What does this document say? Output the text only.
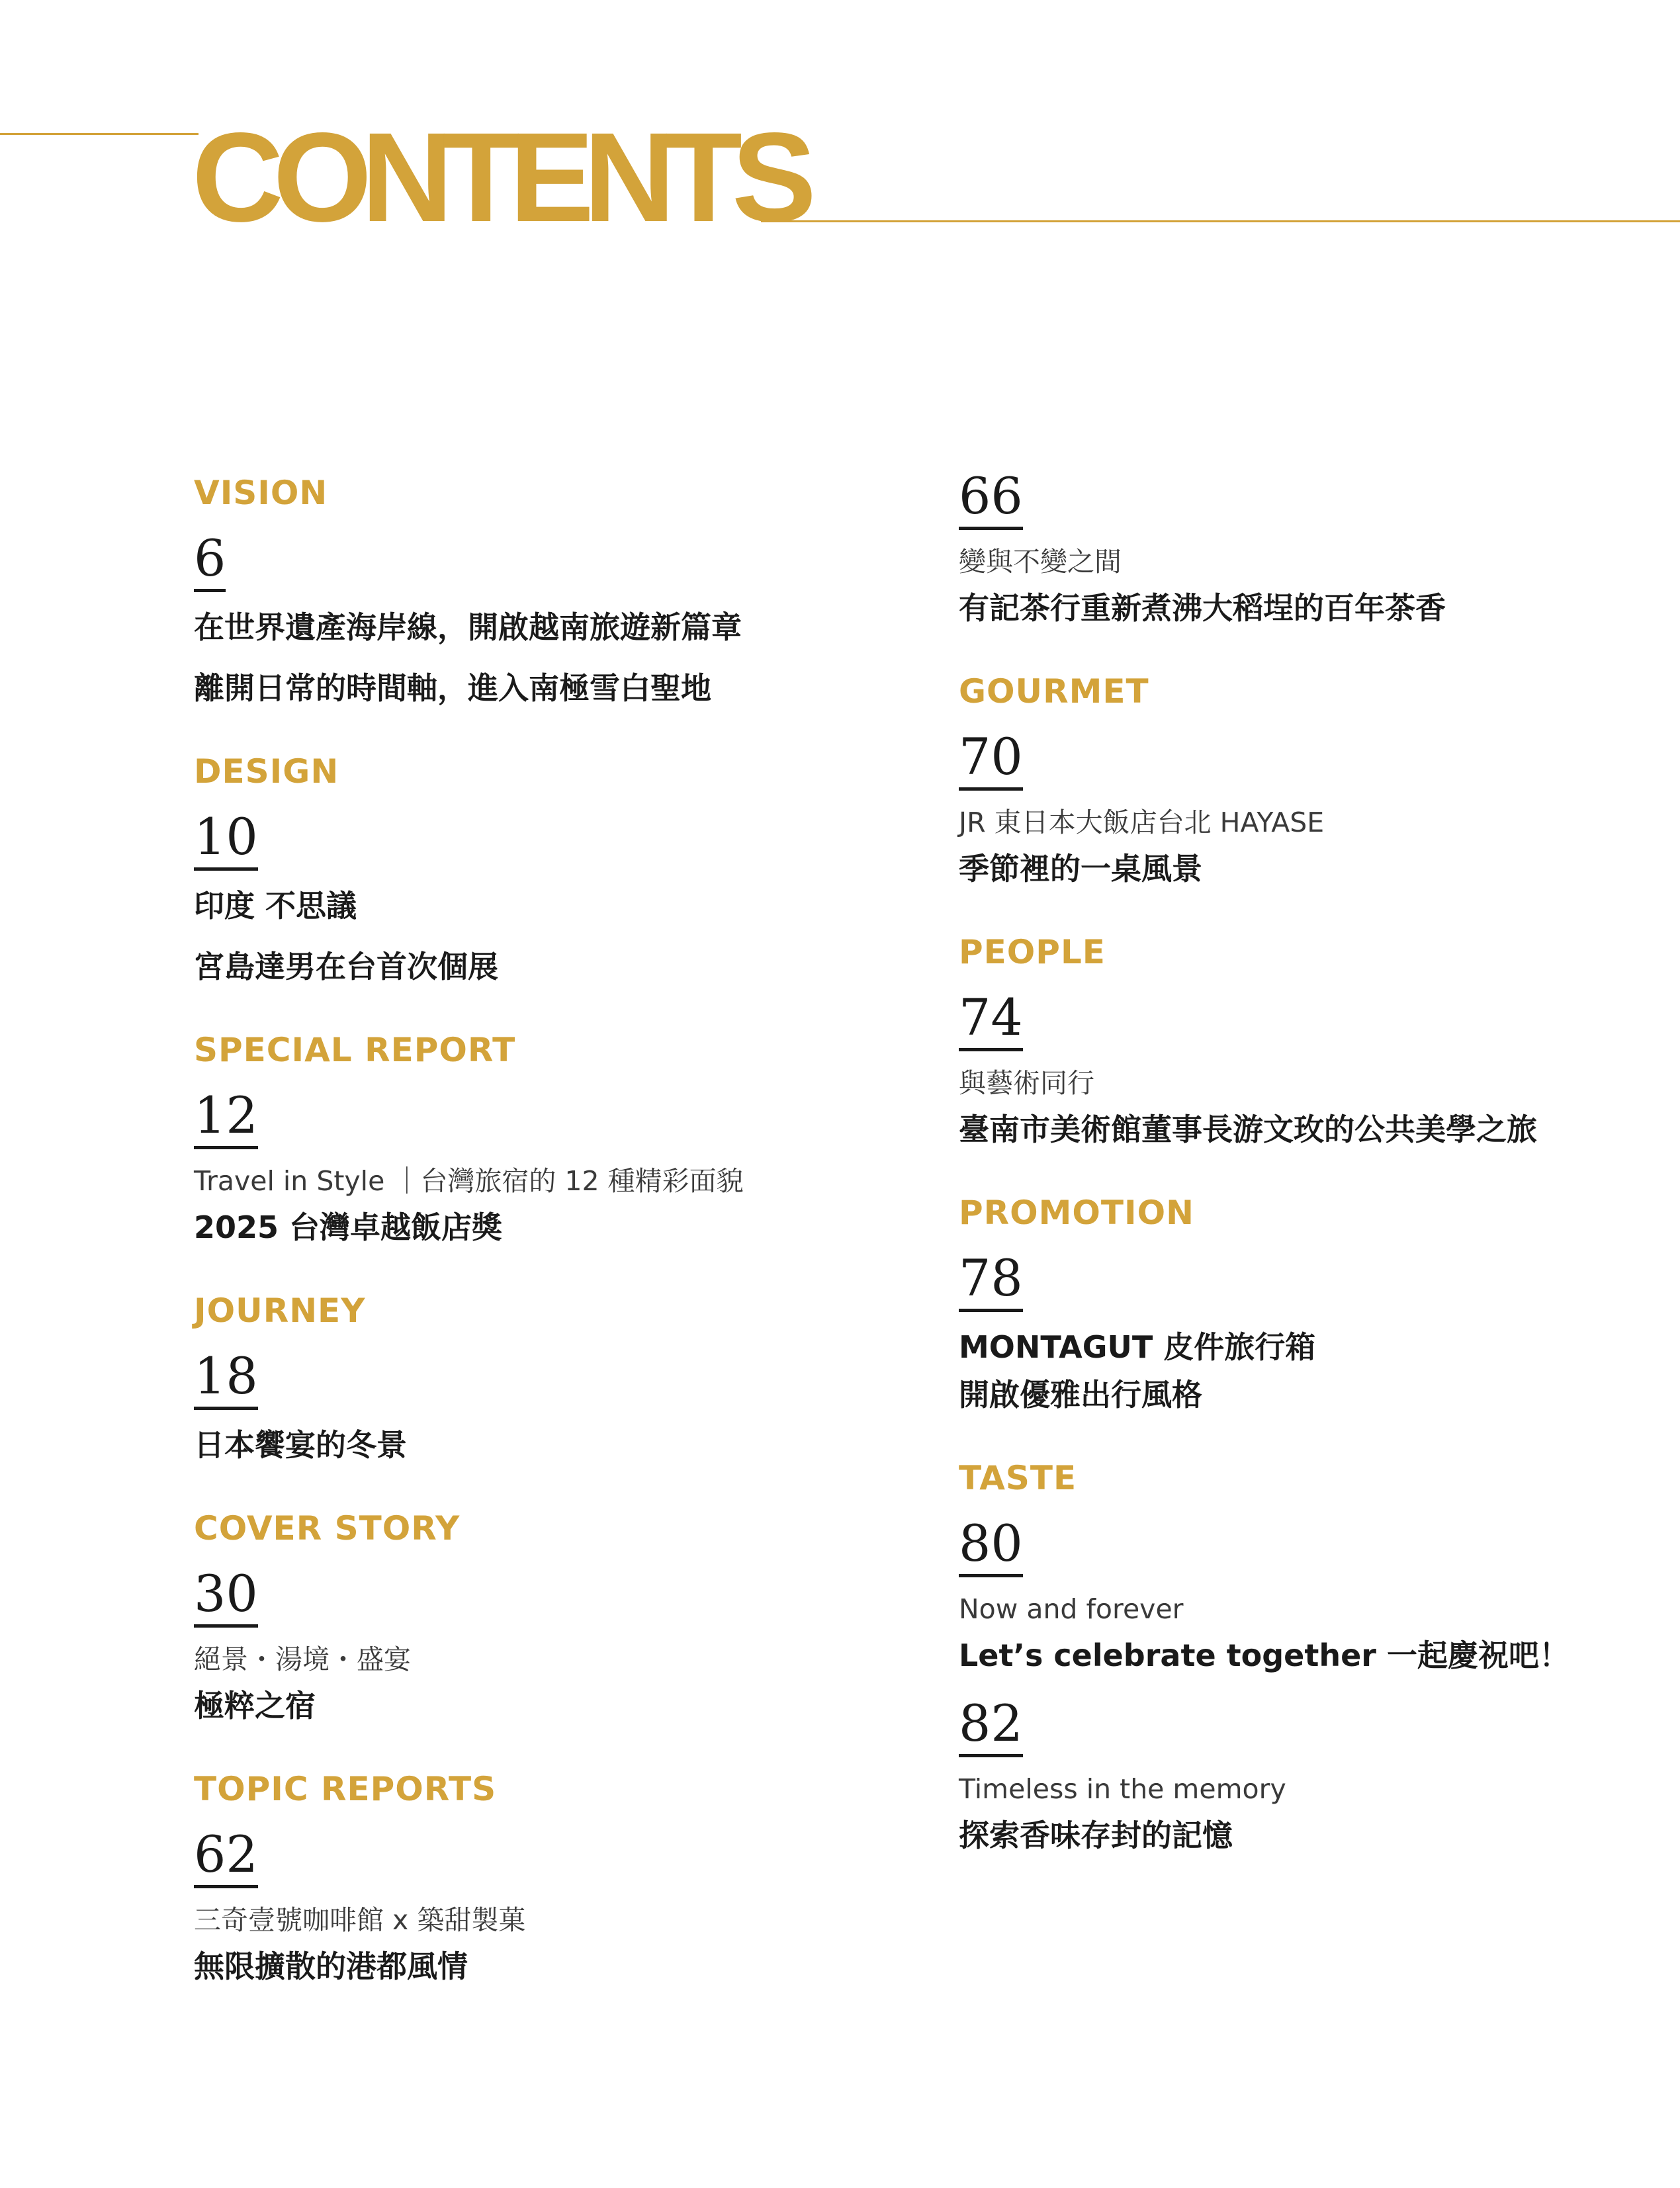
CONTENTS
VISION
6
在世界遺產海岸線，開啟越南旅遊新篇章
離開日常的時間軸，進入南極雪白聖地
DESIGN
10
印度 不思議
宮島達男在台首次個展
SPECIAL REPORT
12
Travel in Style ｜台灣旅宿的 12 種精彩面貌
2025 台灣卓越飯店獎
JOURNEY
18
日本饗宴的冬景
COVER STORY
30
絕景・湯境・盛宴
極粹之宿
TOPIC REPORTS
62
三奇壹號咖啡館 x 築甜製菓
無限擴散的港都風情
66
變與不變之間
有記茶行重新煮沸大稻埕的百年茶香
GOURMET
70
JR 東日本大飯店台北 HAYASE
季節裡的一桌風景
PEOPLE
74
與藝術同行
臺南市美術館董事長游文玫的公共美學之旅
PROMOTION
78
MONTAGUT 皮件旅行箱
開啟優雅出行風格
TASTE
80
Now and forever
Let’s celebrate together 一起慶祝吧！
82
Timeless in the memory
探索香味存封的記憶
